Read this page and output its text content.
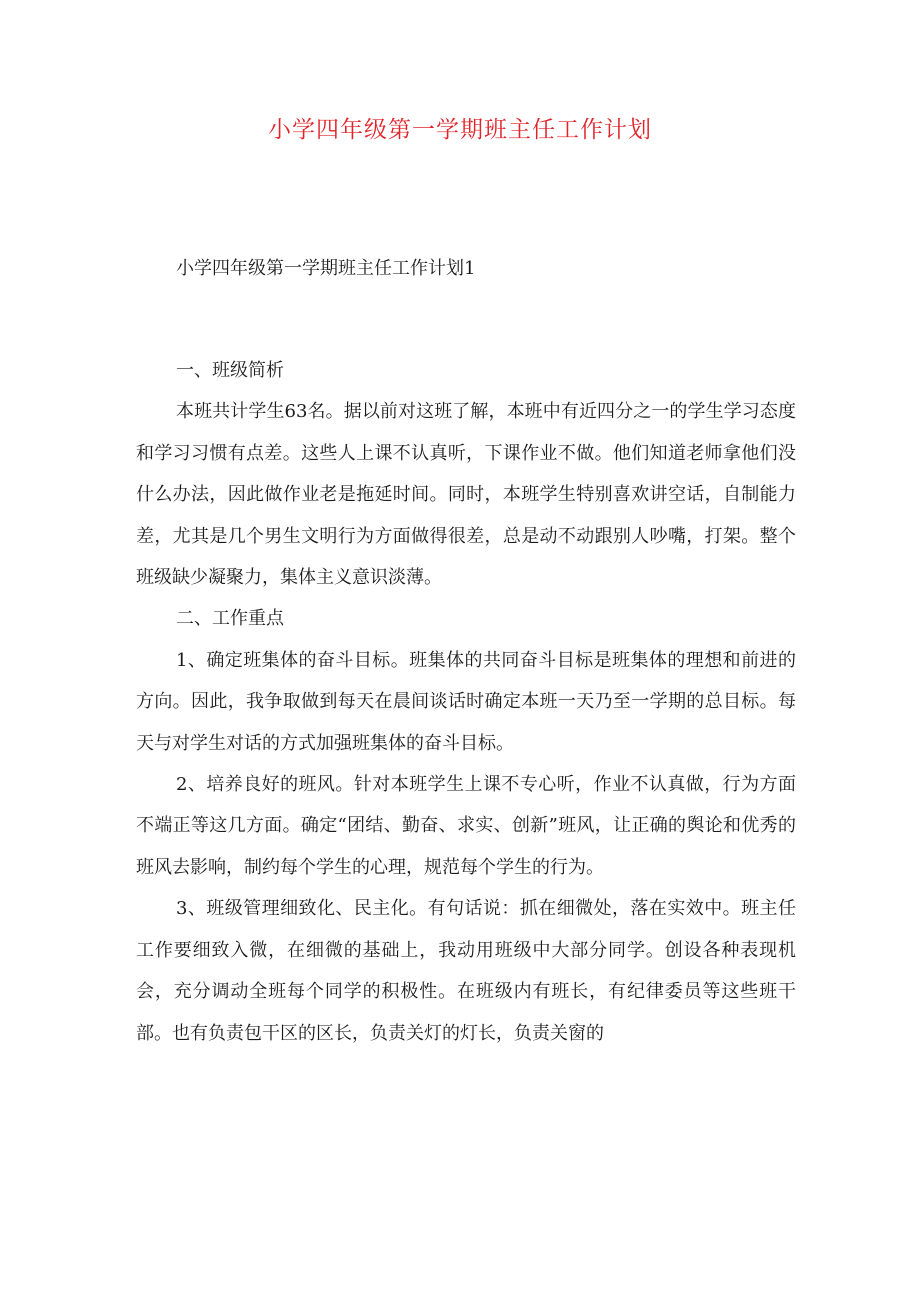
小学四年级第一学期班主任工作计划

小学四年级第一学期班主任工作计划1

一、班级简析

本班共计学生63名。据以前对这班了解，本班中有近四分之一的学生学习态度和学习习惯有点差。这些人上课不认真听，下课作业不做。他们知道老师拿他们没什么办法，因此做作业老是拖延时间。同时，本班学生特别喜欢讲空话，自制能力差，尤其是几个男生文明行为方面做得很差，总是动不动跟别人吵嘴，打架。整个班级缺少凝聚力，集体主义意识淡薄。

二、工作重点

1、确定班集体的奋斗目标。班集体的共同奋斗目标是班集体的理想和前进的方向。因此，我争取做到每天在晨间谈话时确定本班一天乃至一学期的总目标。每天与对学生对话的方式加强班集体的奋斗目标。

2、培养良好的班风。针对本班学生上课不专心听，作业不认真做，行为方面不端正等这几方面。确定“团结、勤奋、求实、创新”班风，让正确的舆论和优秀的班风去影响，制约每个学生的心理，规范每个学生的行为。

3、班级管理细致化、民主化。有句话说：抓在细微处，落在实效中。班主任工作要细致入微，在细微的基础上，我动用班级中大部分同学。创设各种表现机会，充分调动全班每个同学的积极性。在班级内有班长，有纪律委员等这些班干部。也有负责包干区的区长，负责关灯的灯长，负责关窗的
